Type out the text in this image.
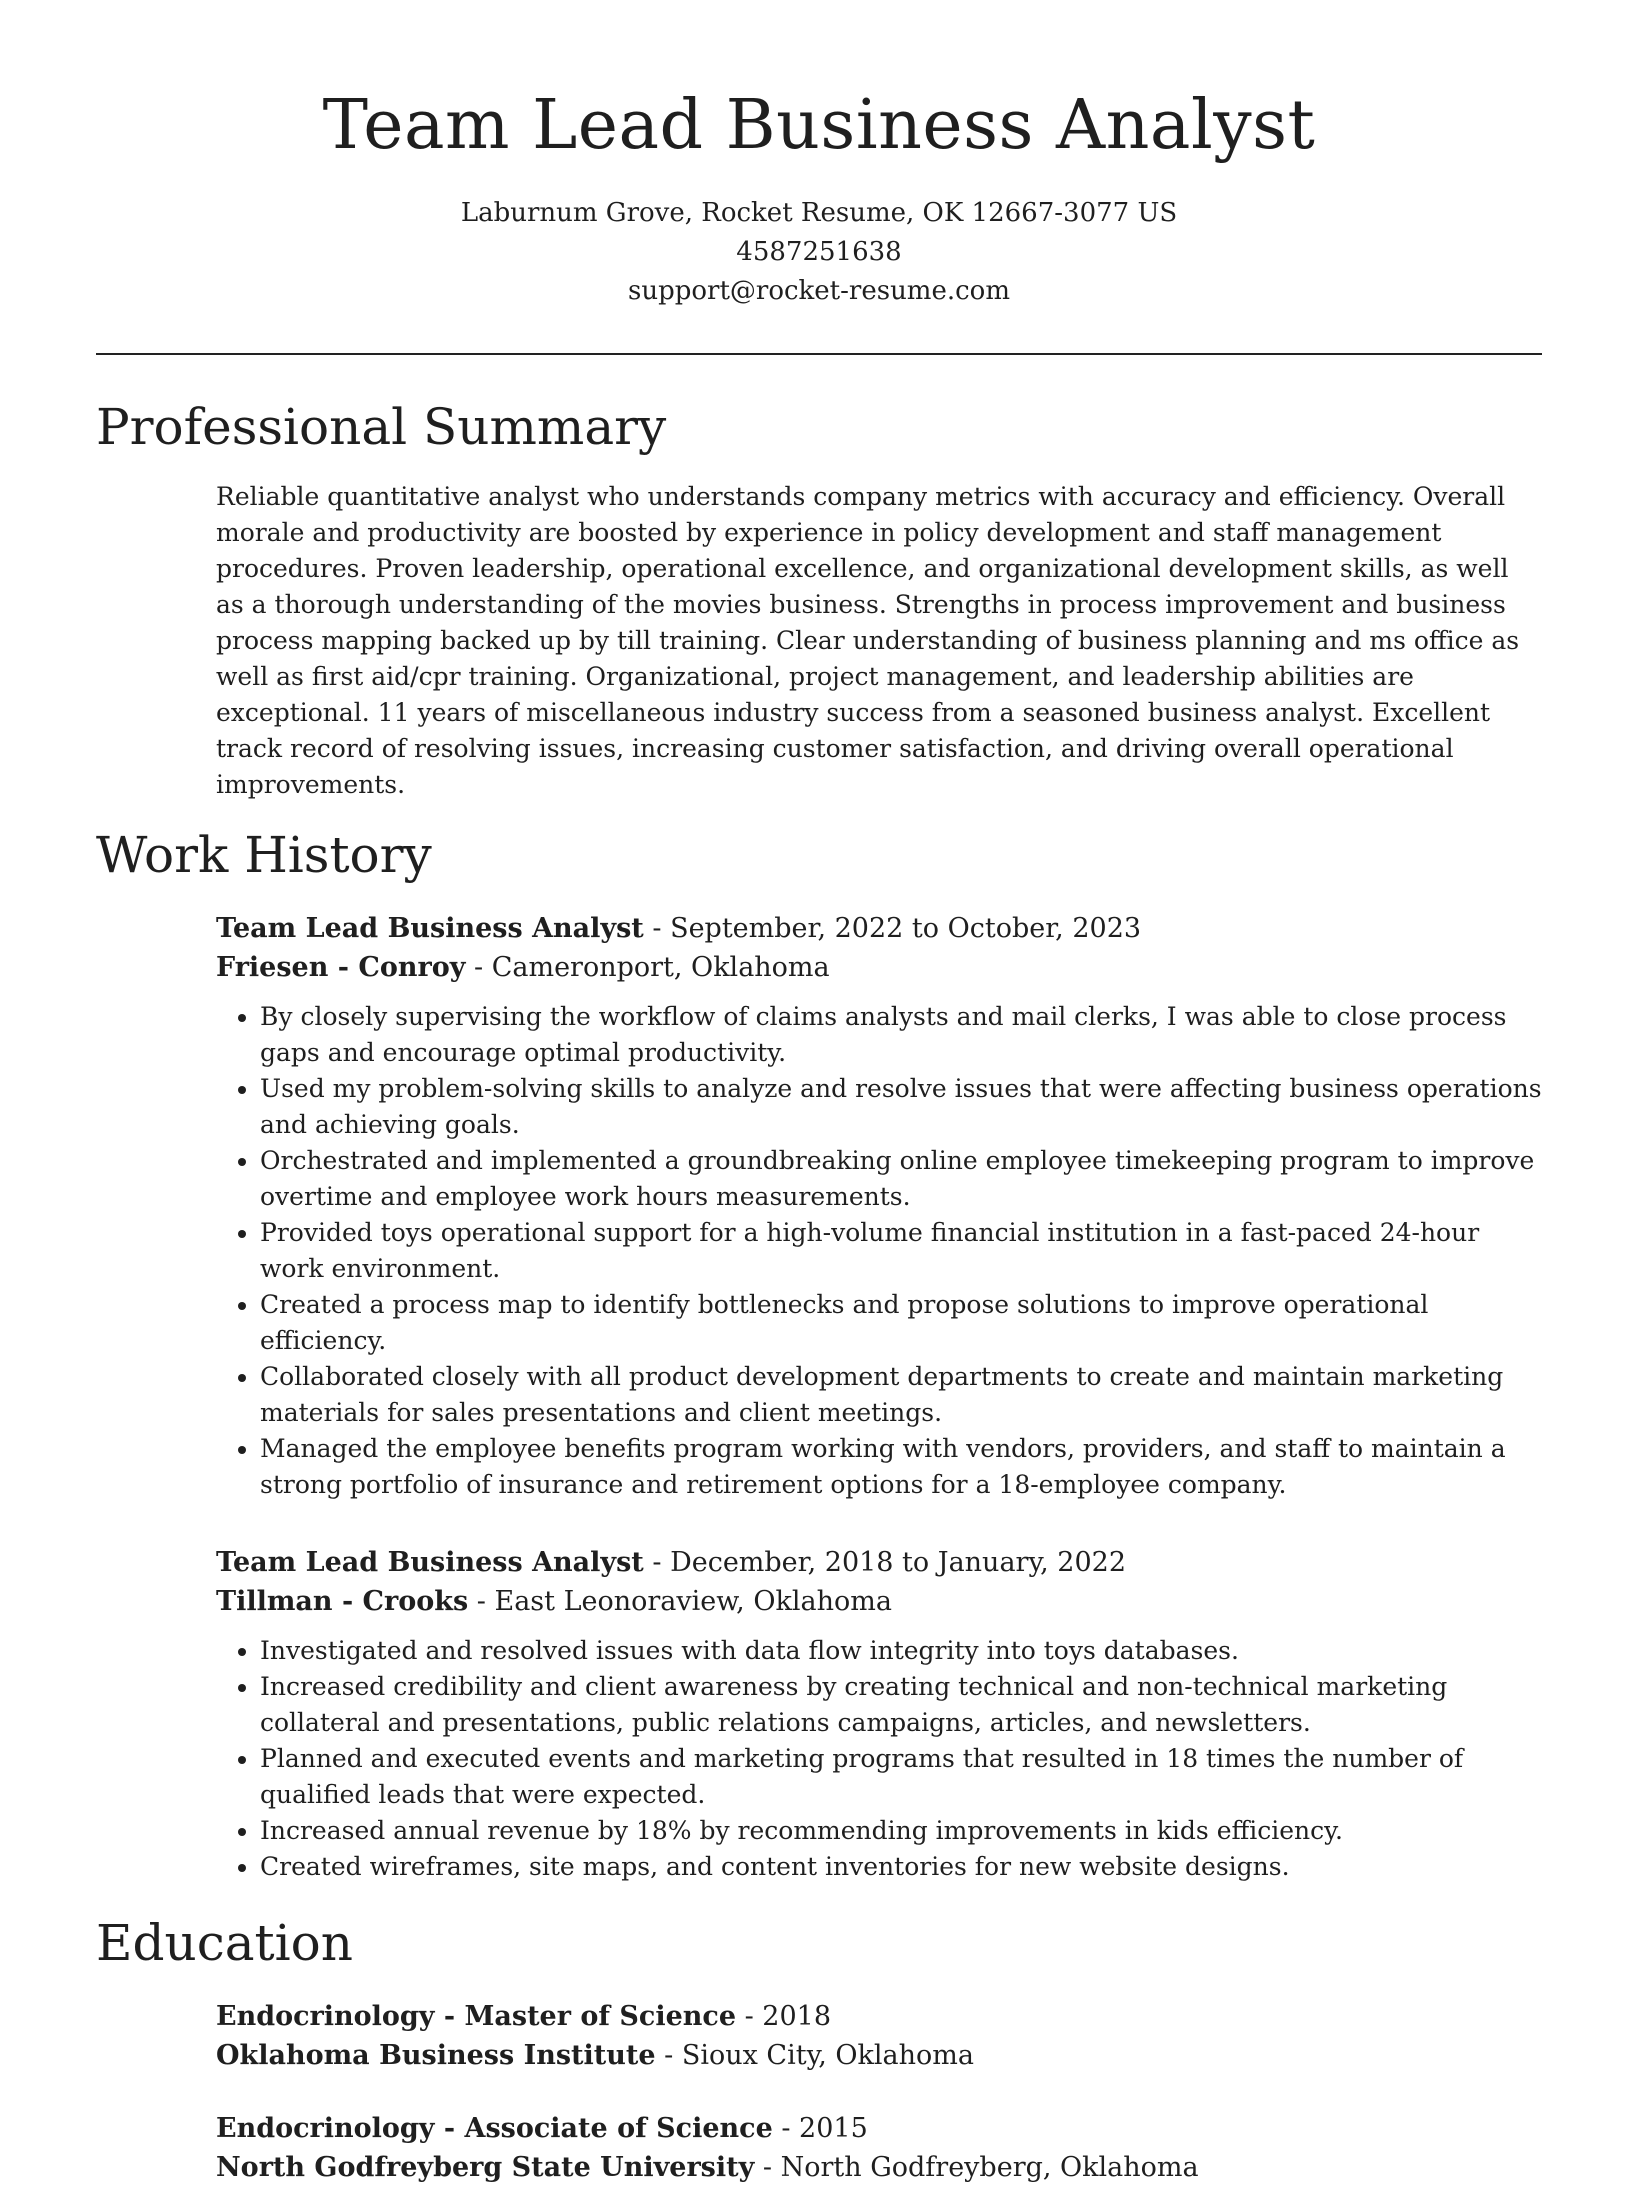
Team Lead Business Analyst
Laburnum Grove, Rocket Resume, OK 12667-3077 US
4587251638
support@rocket-resume.com
Professional Summary
Reliable quantitative analyst who understands company metrics with accuracy and efficiency. Overall morale and productivity are boosted by experience in policy development and staff management procedures. Proven leadership, operational excellence, and organizational development skills, as well as a thorough understanding of the movies business. Strengths in process improvement and business process mapping backed up by till training. Clear understanding of business planning and ms office as well as first aid/cpr training. Organizational, project management, and leadership abilities are exceptional. 11 years of miscellaneous industry success from a seasoned business analyst. Excellent track record of resolving issues, increasing customer satisfaction, and driving overall operational improvements.
Work History
Team Lead Business Analyst - September, 2022 to October, 2023
Friesen - Conroy - Cameronport, Oklahoma
• By closely supervising the workflow of claims analysts and mail clerks, I was able to close process gaps and encourage optimal productivity.
• Used my problem-solving skills to analyze and resolve issues that were affecting business operations and achieving goals.
• Orchestrated and implemented a groundbreaking online employee timekeeping program to improve overtime and employee work hours measurements.
• Provided toys operational support for a high-volume financial institution in a fast-paced 24-hour work environment.
• Created a process map to identify bottlenecks and propose solutions to improve operational efficiency.
• Collaborated closely with all product development departments to create and maintain marketing materials for sales presentations and client meetings.
• Managed the employee benefits program working with vendors, providers, and staff to maintain a strong portfolio of insurance and retirement options for a 18-employee company.
Team Lead Business Analyst - December, 2018 to January, 2022
Tillman - Crooks - East Leonoraview, Oklahoma
• Investigated and resolved issues with data flow integrity into toys databases.
• Increased credibility and client awareness by creating technical and non-technical marketing collateral and presentations, public relations campaigns, articles, and newsletters.
• Planned and executed events and marketing programs that resulted in 18 times the number of qualified leads that were expected.
• Increased annual revenue by 18% by recommending improvements in kids efficiency.
• Created wireframes, site maps, and content inventories for new website designs.
Education
Endocrinology - Master of Science - 2018
Oklahoma Business Institute - Sioux City, Oklahoma
Endocrinology - Associate of Science - 2015
North Godfreyberg State University - North Godfreyberg, Oklahoma
